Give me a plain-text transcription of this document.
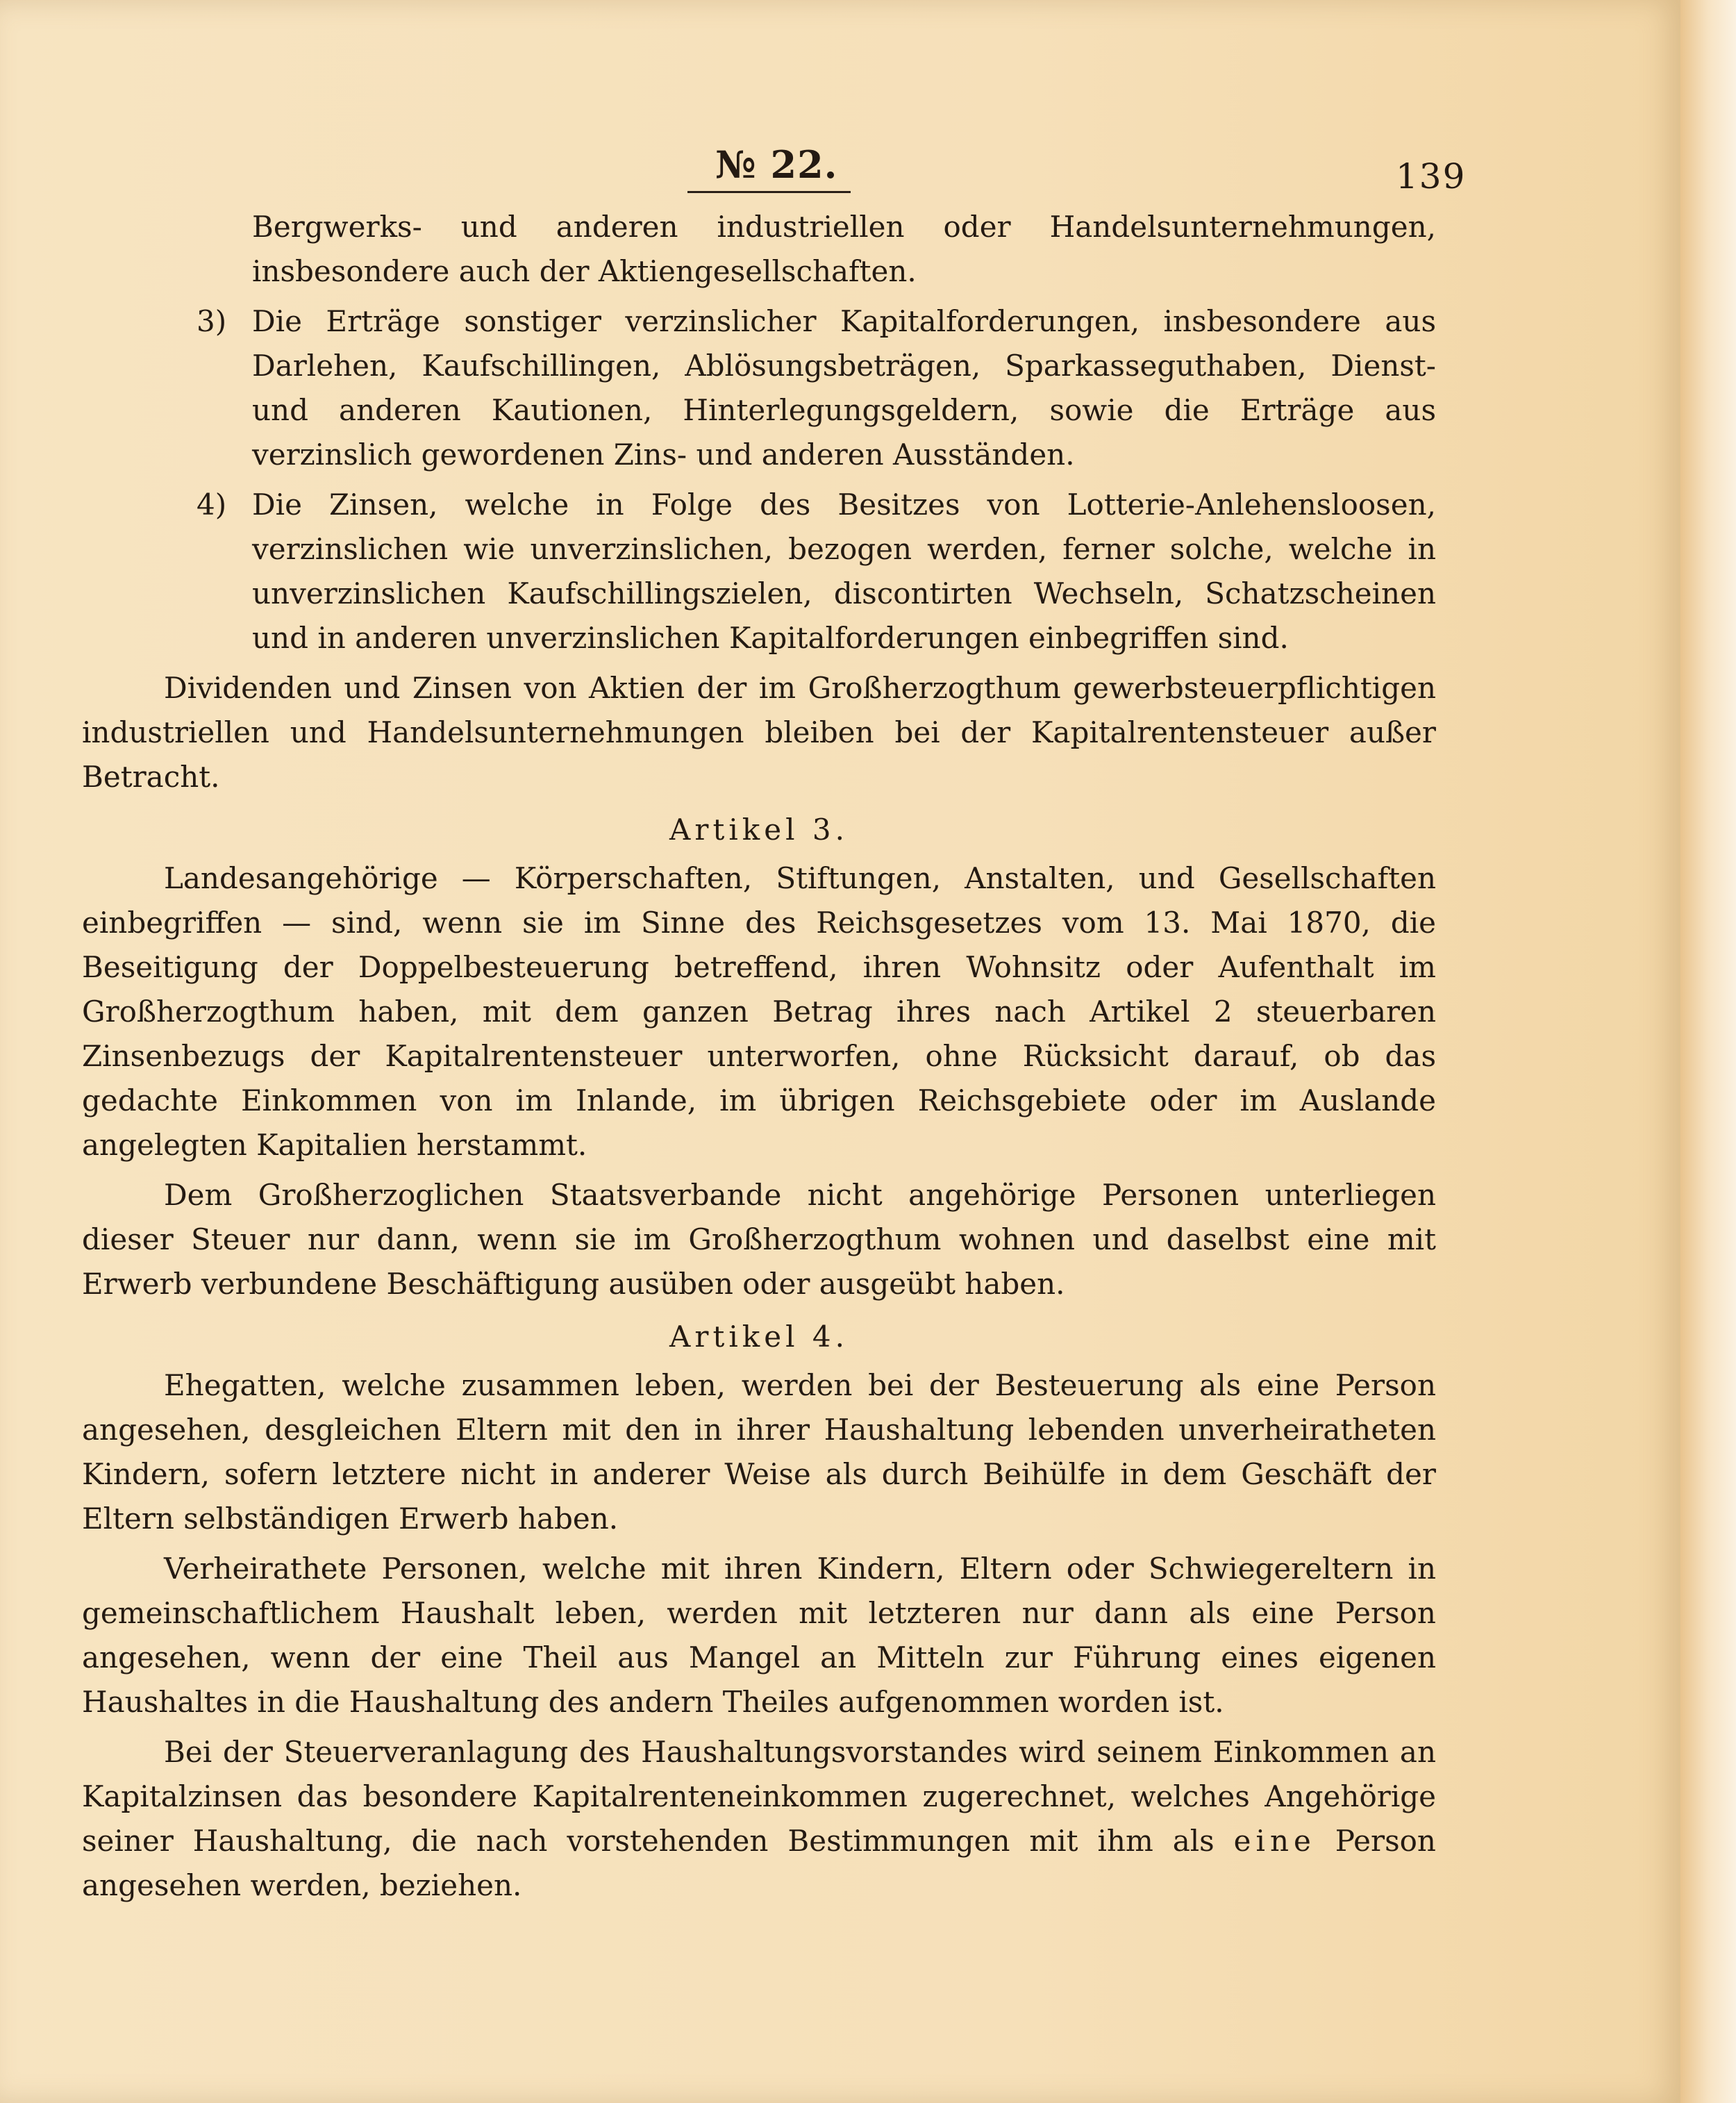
№ 22.	139

Bergwerks- und anderen industriellen oder Handelsunternehmungen, insbesondere auch der Aktiengesellschaften.

3) Die Erträge sonstiger verzinslicher Kapitalforderungen, insbesondere aus Darlehen, Kaufschillingen, Ablösungsbeträgen, Sparkasseguthaben, Dienst- und anderen Kautionen, Hinterlegungsgeldern, sowie die Erträge aus verzinslich gewordenen Zins- und anderen Ausständen.
4) Die Zinsen, welche in Folge des Besitzes von Lotterie-Anlehensloosen, verzinslichen wie unverzinslichen, bezogen werden, ferner solche, welche in unverzinslichen Kaufschillingszielen, discontirten Wechseln, Schatzscheinen und in anderen unverzinslichen Kapitalforderungen einbegriffen sind.

Dividenden und Zinsen von Aktien der im Großherzogthum gewerbsteuerpflichtigen industriellen und Handelsunternehmungen bleiben bei der Kapitalrentensteuer außer Betracht.

Artikel 3.

Landesangehörige — Körperschaften, Stiftungen, Anstalten, und Gesellschaften einbegriffen — sind, wenn sie im Sinne des Reichsgesetzes vom 13. Mai 1870, die Beseitigung der Doppelbesteuerung betreffend, ihren Wohnsitz oder Aufenthalt im Großherzogthum haben, mit dem ganzen Betrag ihres nach Artikel 2 steuerbaren Zinsenbezugs der Kapitalrentensteuer unterworfen, ohne Rücksicht darauf, ob das gedachte Einkommen von im Inlande, im übrigen Reichsgebiete oder im Auslande angelegten Kapitalien herstammt.

Dem Großherzoglichen Staatsverbande nicht angehörige Personen unterliegen dieser Steuer nur dann, wenn sie im Großherzogthum wohnen und daselbst eine mit Erwerb verbundene Beschäftigung ausüben oder ausgeübt haben.

Artikel 4.

Ehegatten, welche zusammen leben, werden bei der Besteuerung als eine Person angesehen, desgleichen Eltern mit den in ihrer Haushaltung lebenden unverheiratheten Kindern, sofern letztere nicht in anderer Weise als durch Beihülfe in dem Geschäft der Eltern selbständigen Erwerb haben.

Verheirathete Personen, welche mit ihren Kindern, Eltern oder Schwiegereltern in gemeinschaftlichem Haushalt leben, werden mit letzteren nur dann als eine Person angesehen, wenn der eine Theil aus Mangel an Mitteln zur Führung eines eigenen Haushaltes in die Haushaltung des andern Theiles aufgenommen worden ist.

Bei der Steuerveranlagung des Haushaltungsvorstandes wird seinem Einkommen an Kapitalzinsen das besondere Kapitalrenteneinkommen zugerechnet, welches Angehörige seiner Haushaltung, die nach vorstehenden Bestimmungen mit ihm als eine Person angesehen werden, beziehen.
